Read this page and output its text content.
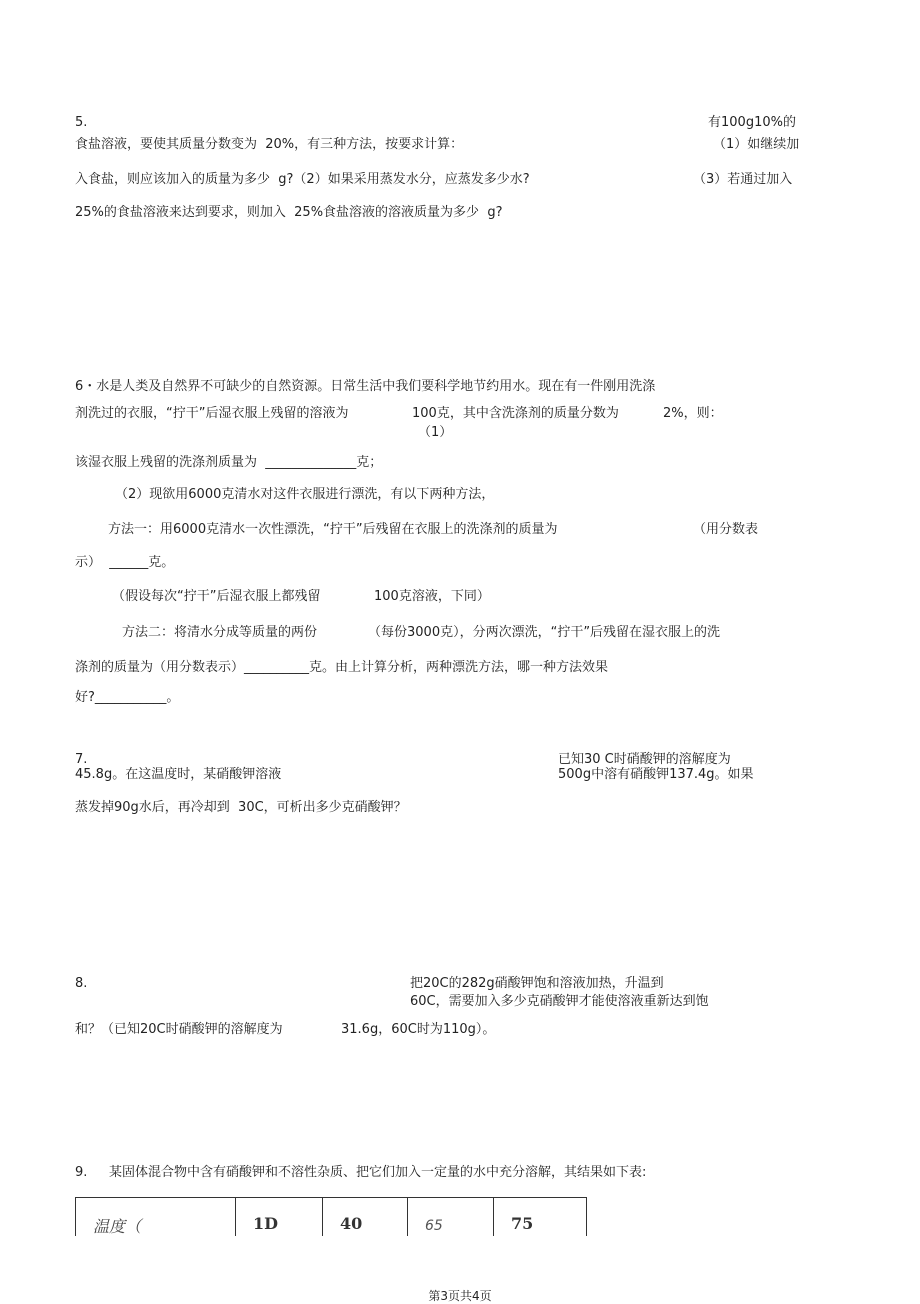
5.	有100g10%的
食盐溶液，要使其质量分数变为  20%，有三种方法，按要求计算：	（1）如继续加
入食盐，则应该加入的质量为多少  g?（2）如果采用蒸发水分，应蒸发多少水?	（3）若通过加入
25%的食盐溶液来达到要求，则加入  25%食盐溶液的溶液质量为多少  g?
6・水是人类及自然界不可缺少的自然资源。日常生活中我们要科学地节约用水。现在有一件刚用洗涤
剂洗过的衣服，“拧干”后湿衣服上残留的溶液为	100克，其中含洗涤剂的质量分数为	2%，则：
（1）
该湿衣服上残留的洗涤剂质量为  ______________克；
（2）现欲用6000克清水对这件衣服进行漂洗，有以下两种方法，
方法一：用6000克清水一次性漂洗，“拧干”后残留在衣服上的洗涤剂的质量为	（用分数表
示）  ______克。
（假设每次“拧干”后湿衣服上都残留	100克溶液，下同）
方法二：将清水分成等质量的两份	（每份3000克），分两次漂洗，“拧干”后残留在湿衣服上的洗
涤剂的质量为（用分数表示）__________克。由上计算分析，两种漂洗方法，哪一种方法效果
好?___________。
7.	已知30 C时硝酸钾的溶解度为
45.8g。在这温度时，某硝酸钾溶液	500g中溶有硝酸钾137.4g。如果
蒸发掉90g水后，再冷却到  30C，可析出多少克硝酸钾？
8.	把20C的282g硝酸钾饱和溶液加热，升温到
60C，需要加入多少克硝酸钾才能使溶液重新达到饱
和？（已知20C时硝酸钾的溶解度为	31.6g，60C时为110g）。
9. 某固体混合物中含有硝酸钾和不溶性杂质、把它们加入一定量的水中充分溶解，其结果如下表:
温度（	1D	40	65	75
第3页共4页
